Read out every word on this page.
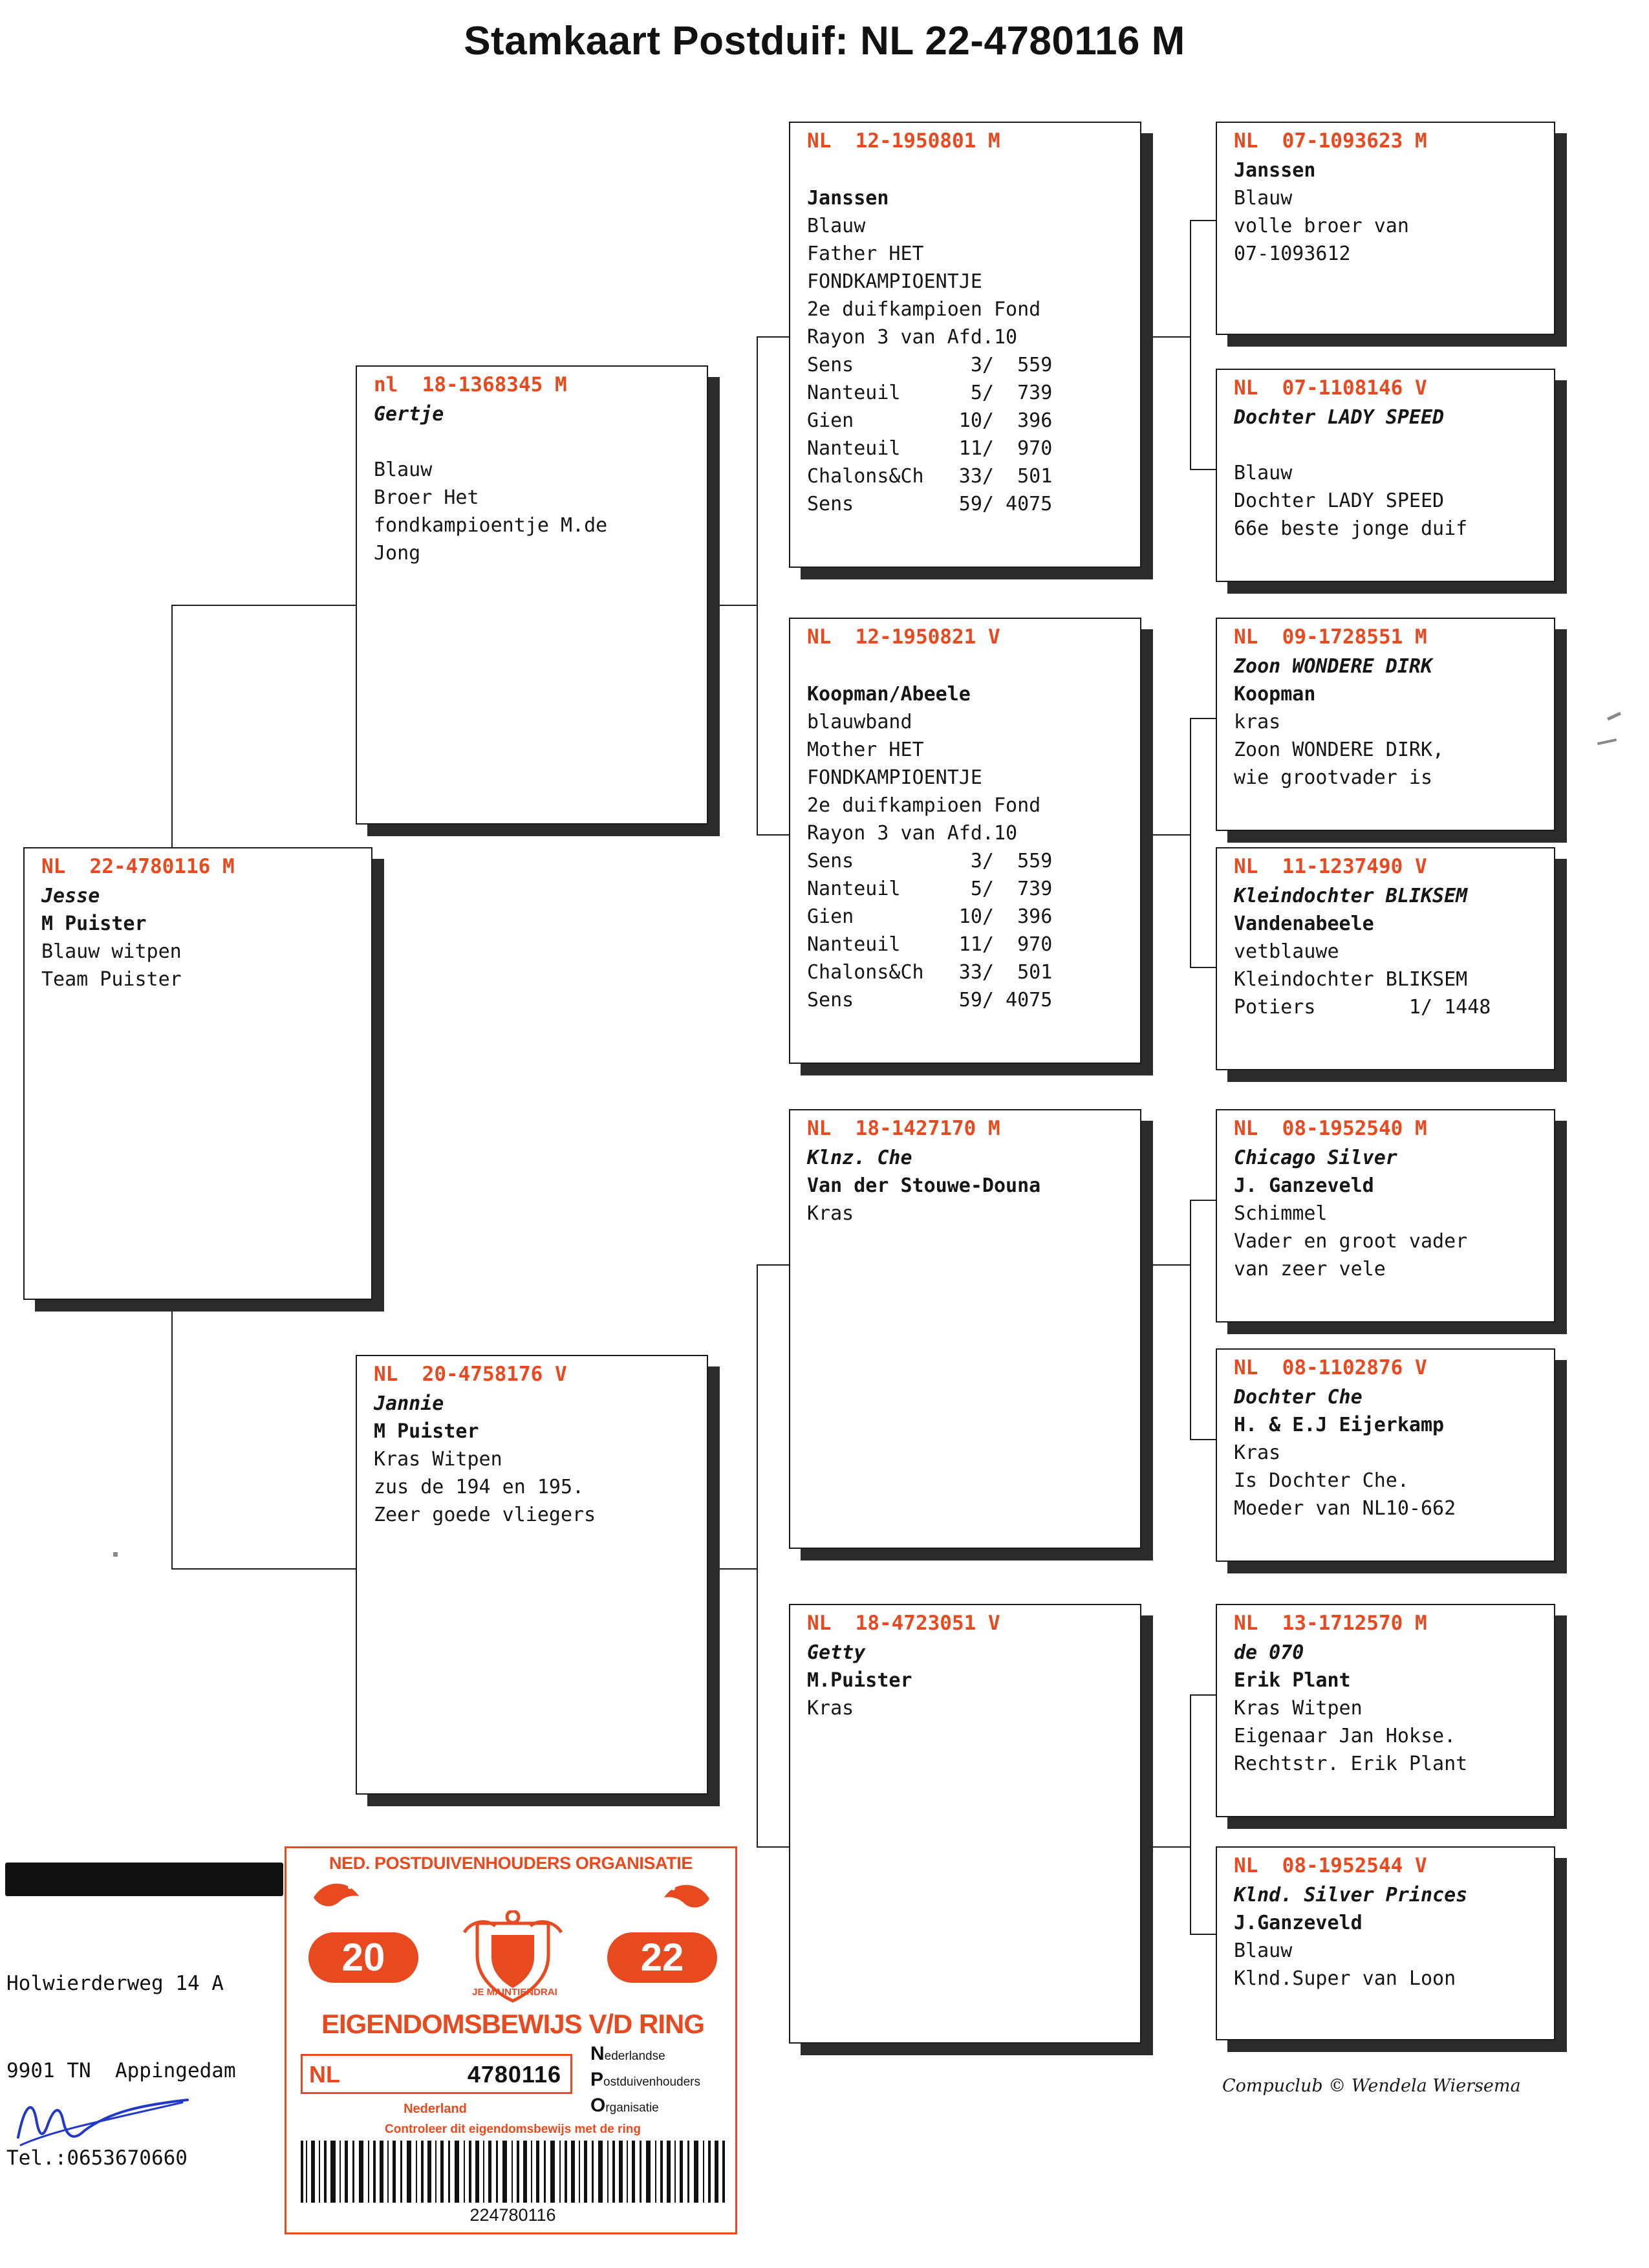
Stamkaart Postduif: NL 22-4780116 M
NL  22-4780116 M
Jesse
M Puister
Blauw witpen
Team Puister
nl  18-1368345 M
Gertje

Blauw
Broer Het
fondkampioentje M.de
Jong
NL  20-4758176 V
Jannie
M Puister
Kras Witpen
zus de 194 en 195.
Zeer goede vliegers
NL  12-1950801 M

Janssen
Blauw
Father HET
FONDKAMPIOENTJE
2e duifkampioen Fond
Rayon 3 van Afd.10
Sens          3/  559
Nanteuil      5/  739
Gien         10/  396
Nanteuil     11/  970
Chalons&Ch   33/  501
Sens         59/ 4075
NL  12-1950821 V

Koopman/Abeele
blauwband
Mother HET
FONDKAMPIOENTJE
2e duifkampioen Fond
Rayon 3 van Afd.10
Sens          3/  559
Nanteuil      5/  739
Gien         10/  396
Nanteuil     11/  970
Chalons&Ch   33/  501
Sens         59/ 4075
NL  18-1427170 M
Klnz. Che
Van der Stouwe-Douna
Kras
NL  18-4723051 V
Getty
M.Puister
Kras
NL  07-1093623 M
Janssen
Blauw
volle broer van
07-1093612
NL  07-1108146 V
Dochter LADY SPEED

Blauw
Dochter LADY SPEED
66e beste jonge duif
NL  09-1728551 M
Zoon WONDERE DIRK
Koopman
kras
Zoon WONDERE DIRK,
wie grootvader is
NL  11-1237490 V
Kleindochter BLIKSEM
Vandenabeele
vetblauwe
Kleindochter BLIKSEM
Potiers        1/ 1448
NL  08-1952540 M
Chicago Silver
J. Ganzeveld
Schimmel
Vader en groot vader
van zeer vele
NL  08-1102876 V
Dochter Che
H. & E.J Eijerkamp
Kras
Is Dochter Che.
Moeder van NL10-662
NL  13-1712570 M
de 070
Erik Plant
Kras Witpen
Eigenaar Jan Hokse.
Rechtstr. Erik Plant
NL  08-1952544 V
Klnd. Silver Princes
J.Ganzeveld
Blauw
Klnd.Super van Loon

Holwierderweg 14 A

9901 TN  Appingedam

Tel.:0653670660

Compuclub © Wendela Wiersema
NED. POSTDUIVENHOUDERS ORGANISATIE
20	22
JE MAINTIENDRAI
EIGENDOMSBEWIJS V/D RING
NL	4780116
Nederlandse
Postduivenhouders
Organisatie
Nederland
Controleer dit eigendomsbewijs met de ring
224780116
